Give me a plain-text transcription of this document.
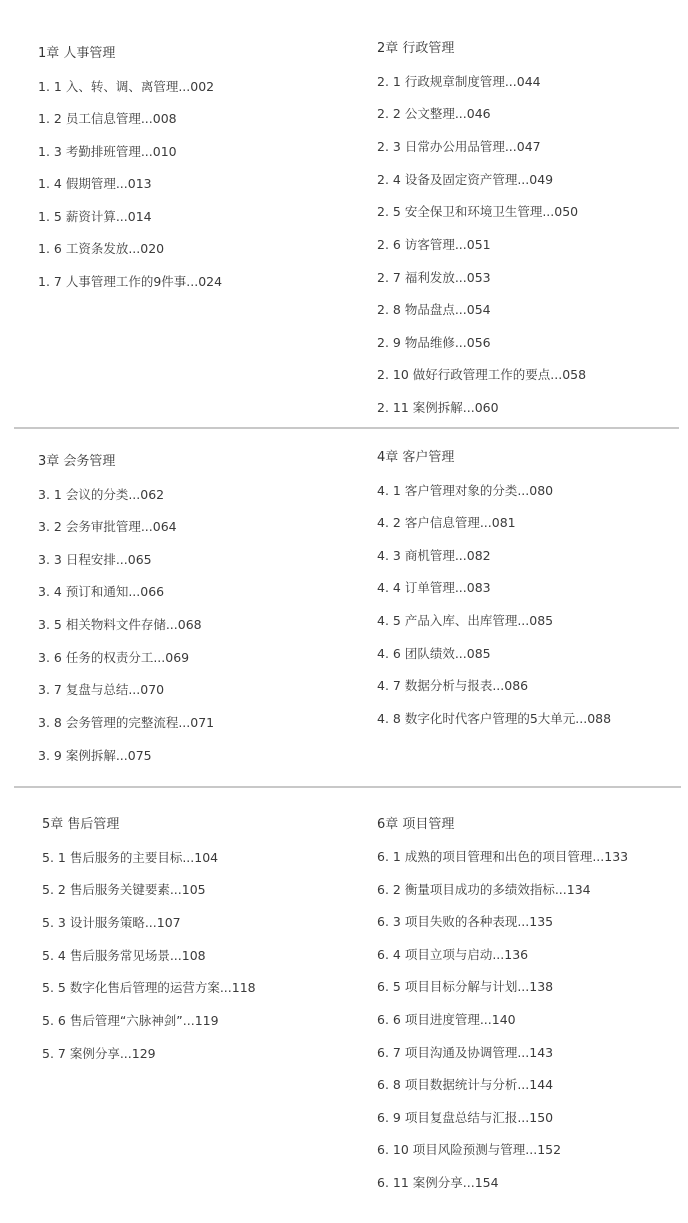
1章 人事管理
1. 1 入、转、调、离管理...002
1. 2 员工信息管理...008
1. 3 考勤排班管理...010
1. 4 假期管理...013
1. 5 薪资计算...014
1. 6 工资条发放...020
1. 7 人事管理工作的9件事...024
2章 行政管理
2. 1 行政规章制度管理...044
2. 2 公文整理...046
2. 3 日常办公用品管理...047
2. 4 设备及固定资产管理...049
2. 5 安全保卫和环境卫生管理...050
2. 6 访客管理...051
2. 7 福利发放...053
2. 8 物品盘点...054
2. 9 物品维修...056
2. 10 做好行政管理工作的要点...058
2. 11 案例拆解...060
3章 会务管理
3. 1 会议的分类...062
3. 2 会务审批管理...064
3. 3 日程安排...065
3. 4 预订和通知...066
3. 5 相关物料文件存储...068
3. 6 任务的权责分工...069
3. 7 复盘与总结...070
3. 8 会务管理的完整流程...071
3. 9 案例拆解...075
4章 客户管理
4. 1 客户管理对象的分类...080
4. 2 客户信息管理...081
4. 3 商机管理...082
4. 4 订单管理...083
4. 5 产品入库、出库管理...085
4. 6 团队绩效...085
4. 7 数据分析与报表...086
4. 8 数字化时代客户管理的5大单元...088
5章 售后管理
5. 1 售后服务的主要目标...104
5. 2 售后服务关键要素...105
5. 3 设计服务策略...107
5. 4 售后服务常见场景...108
5. 5 数字化售后管理的运营方案...118
5. 6 售后管理“六脉神剑”...119
5. 7 案例分享...129
6章 项目管理
6. 1 成熟的项目管理和出色的项目管理...133
6. 2 衡量项目成功的多绩效指标...134
6. 3 项目失败的各种表现...135
6. 4 项目立项与启动...136
6. 5 项目目标分解与计划...138
6. 6 项目进度管理...140
6. 7 项目沟通及协调管理...143
6. 8 项目数据统计与分析...144
6. 9 项目复盘总结与汇报...150
6. 10 项目风险预测与管理...152
6. 11 案例分享...154
